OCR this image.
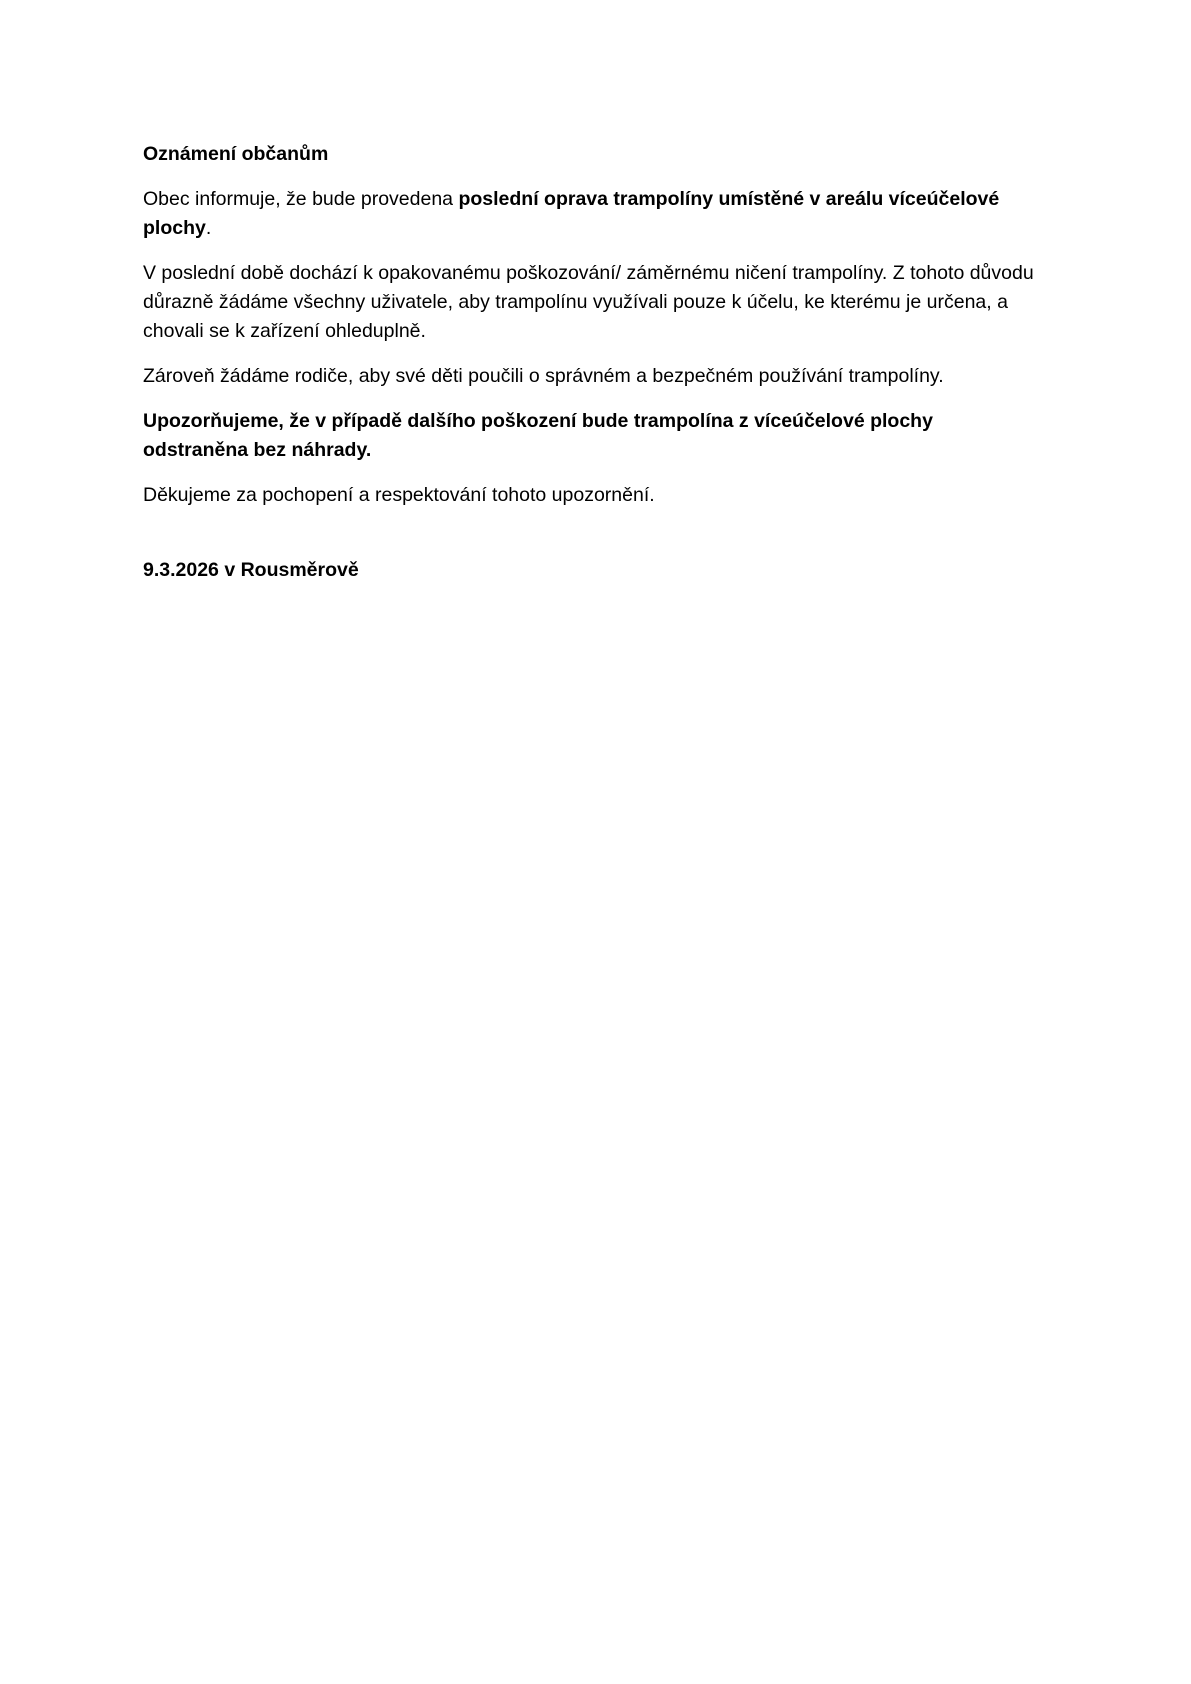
Oznámení občanům

Obec informuje, že bude provedena poslední oprava trampolíny umístěné v areálu víceúčelové plochy.

V poslední době dochází k opakovanému poškozování/ záměrnému ničení trampolíny. Z tohoto důvodu důrazně žádáme všechny uživatele, aby trampolínu využívali pouze k účelu, ke kterému je určena, a chovali se k zařízení ohleduplně.

Zároveň žádáme rodiče, aby své děti poučili o správném a bezpečném používání trampolíny.

Upozorňujeme, že v případě dalšího poškození bude trampolína z víceúčelové plochy odstraněna bez náhrady.

Děkujeme za pochopení a respektování tohoto upozornění.

9.3.2026 v Rousměrově
